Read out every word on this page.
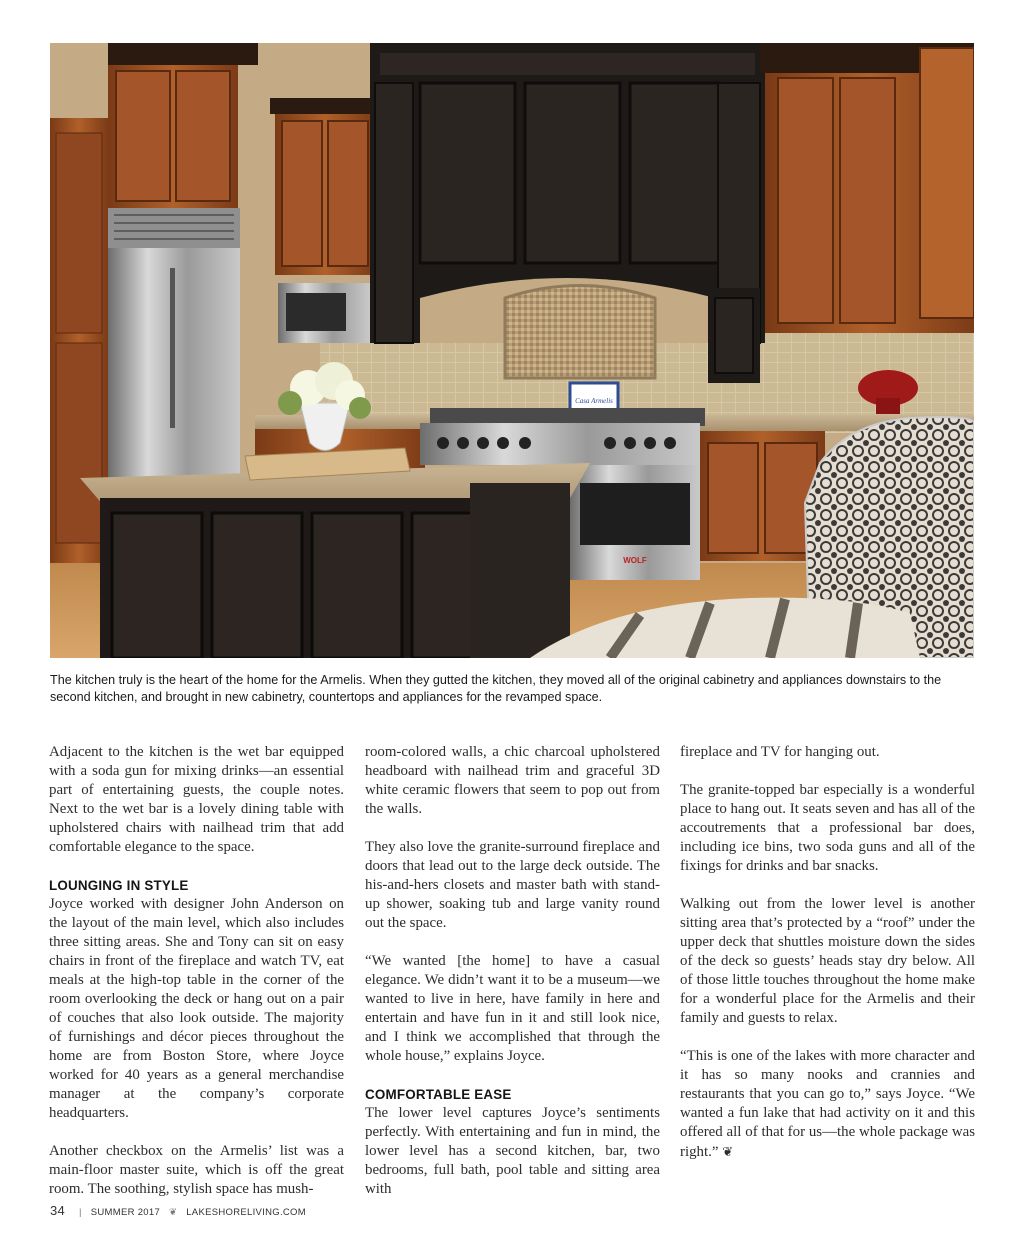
Casa Armelis
WOLF

The kitchen truly is the heart of the home for the Armelis. When they gutted the kitchen, they moved all of the original cabinetry and appliances downstairs to the second kitchen, and brought in new cabinetry, countertops and appliances for the revamped space.

Adjacent to the kitchen is the wet bar equipped with a soda gun for mixing drinks—an essential part of entertaining guests, the couple notes. Next to the wet bar is a lovely dining table with upholstered chairs with nailhead trim that add comfortable elegance to the space.

LOUNGING IN STYLE

Joyce worked with designer John Anderson on the layout of the main level, which also includes three sitting areas. She and Tony can sit on easy chairs in front of the fireplace and watch TV, eat meals at the high-top table in the corner of the room overlooking the deck or hang out on a pair of couches that also look outside. The majority of furnishings and décor pieces throughout the home are from Boston Store, where Joyce worked for 40 years as a general merchandise manager at the company’s corporate headquarters.

Another checkbox on the Armelis’ list was a main-floor master suite, which is off the great room. The soothing, stylish space has mush-

room-colored walls, a chic charcoal upholstered headboard with nailhead trim and graceful 3D white ceramic flowers that seem to pop out from the walls.

They also love the granite-surround fireplace and doors that lead out to the large deck outside. The his-and-hers closets and master bath with stand-up shower, soaking tub and large vanity round out the space.

“We wanted [the home] to have a casual elegance. We didn’t want it to be a museum—we wanted to live in here, have family in here and entertain and have fun in it and still look nice, and I think we accomplished that through the whole house,” explains Joyce.

COMFORTABLE EASE

The lower level captures Joyce’s sentiments perfectly. With entertaining and fun in mind, the lower level has a second kitchen, bar, two bedrooms, full bath, pool table and sitting area with

fireplace and TV for hanging out.

The granite-topped bar especially is a wonderful place to hang out. It seats seven and has all of the accoutrements that a professional bar does, including ice bins, two soda guns and all of the fixings for drinks and bar snacks.

Walking out from the lower level is another sitting area that’s protected by a “roof” under the upper deck that shuttles moisture down the sides of the deck so guests’ heads stay dry below. All of those little touches throughout the home make for a wonderful place for the Armelis and their family and guests to relax.

“This is one of the lakes with more character and it has so many nooks and crannies and restaurants that you can go to,” says Joyce. “We wanted a fun lake that had activity on it and this offered all of that for us—the whole package was right.” ❦

34 | SUMMER 2017 ❦ LAKESHORELIVING.COM
